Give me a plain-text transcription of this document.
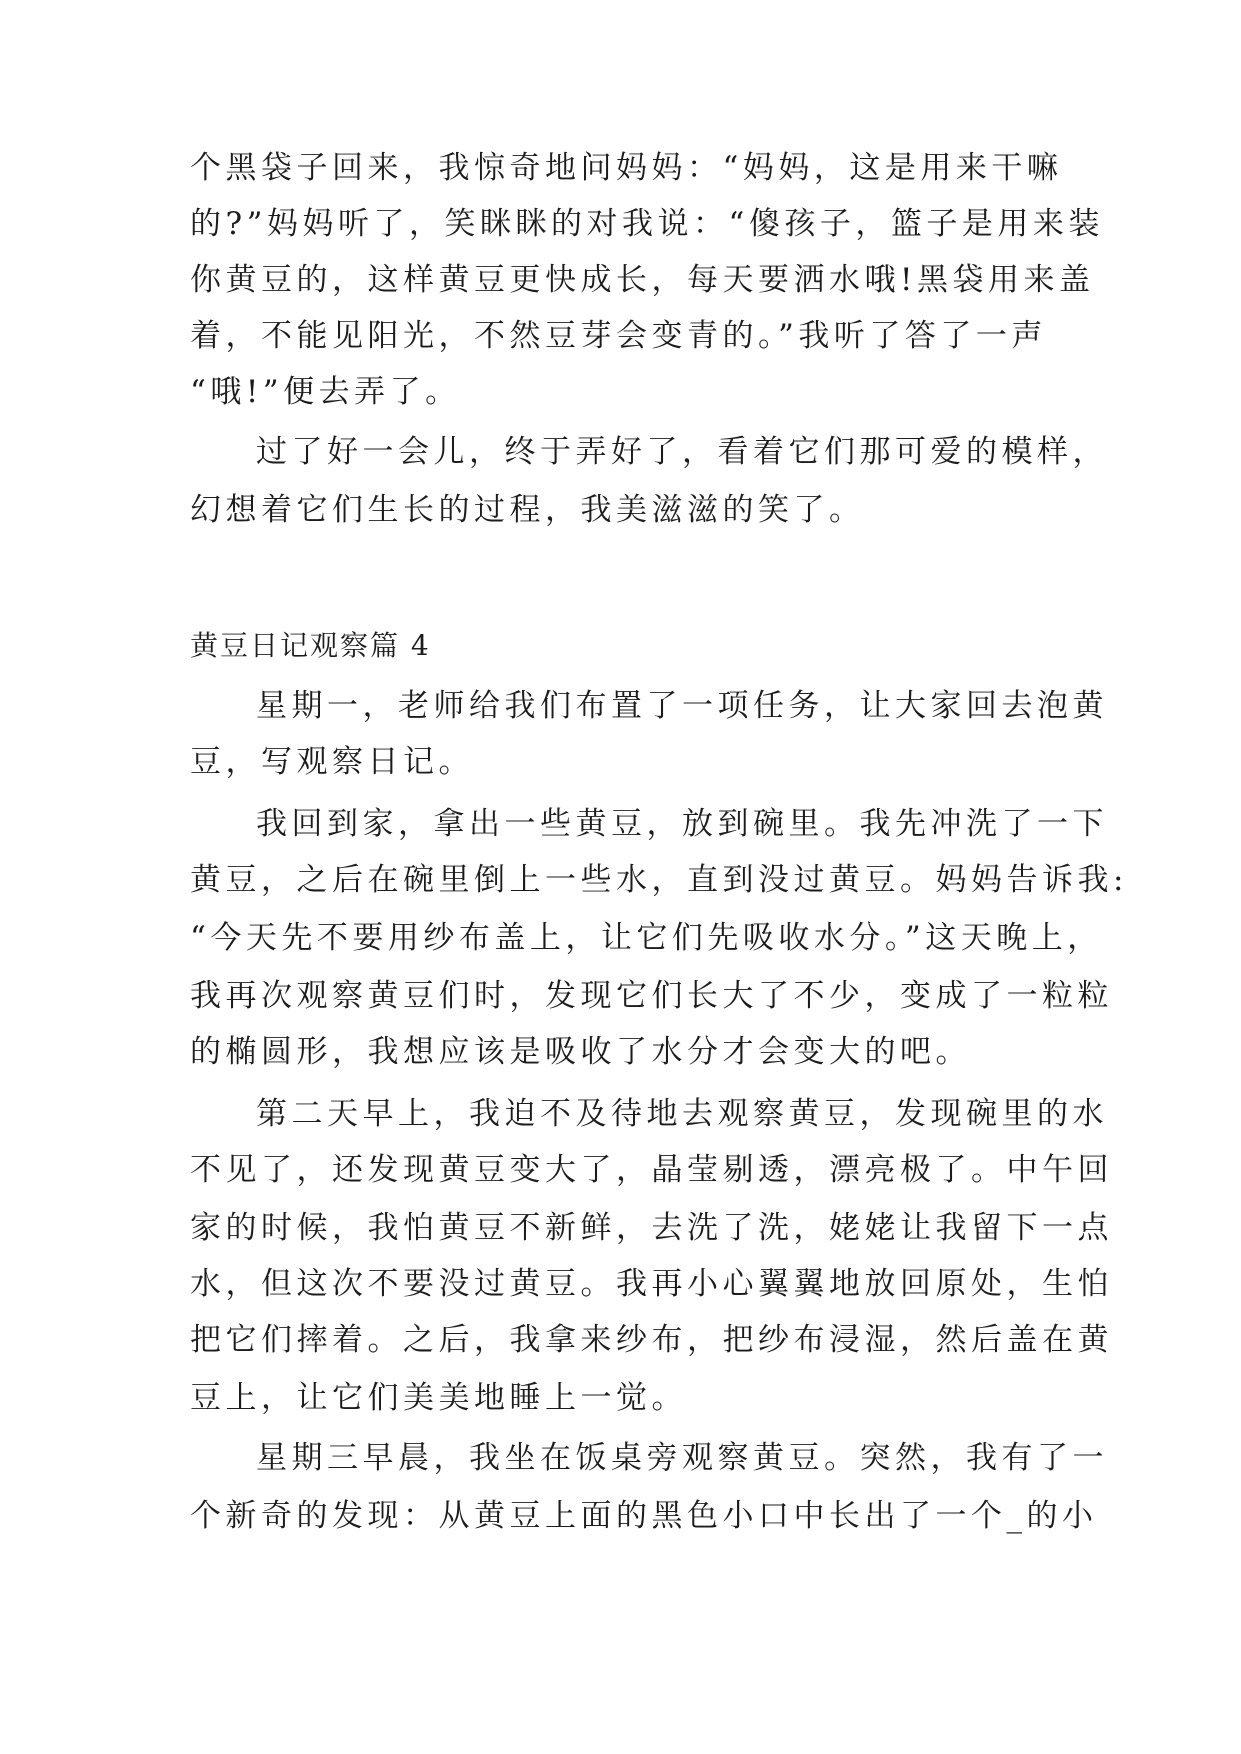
个黑袋子回来，我惊奇地问妈妈：“妈妈，这是用来干嘛
的?”妈妈听了，笑眯眯的对我说：“傻孩子，篮子是用来装
你黄豆的，这样黄豆更快成长，每天要洒水哦!黑袋用来盖
着，不能见阳光，不然豆芽会变青的。”我听了答了一声
“哦!”便去弄了。
过了好一会儿，终于弄好了，看着它们那可爱的模样，
幻想着它们生长的过程，我美滋滋的笑了。
黄豆日记观察篇 4
星期一，老师给我们布置了一项任务，让大家回去泡黄
豆，写观察日记。
我回到家，拿出一些黄豆，放到碗里。我先冲洗了一下
黄豆，之后在碗里倒上一些水，直到没过黄豆。妈妈告诉我:
“今天先不要用纱布盖上，让它们先吸收水分。”这天晚上，
我再次观察黄豆们时，发现它们长大了不少，变成了一粒粒
的椭圆形，我想应该是吸收了水分才会变大的吧。
第二天早上，我迫不及待地去观察黄豆，发现碗里的水
不见了，还发现黄豆变大了，晶莹剔透，漂亮极了。中午回
家的时候，我怕黄豆不新鲜，去洗了洗，姥姥让我留下一点
水，但这次不要没过黄豆。我再小心翼翼地放回原处，生怕
把它们摔着。之后，我拿来纱布，把纱布浸湿，然后盖在黄
豆上，让它们美美地睡上一觉。
星期三早晨，我坐在饭桌旁观察黄豆。突然，我有了一
个新奇的发现：从黄豆上面的黑色小口中长出了一个_的小
